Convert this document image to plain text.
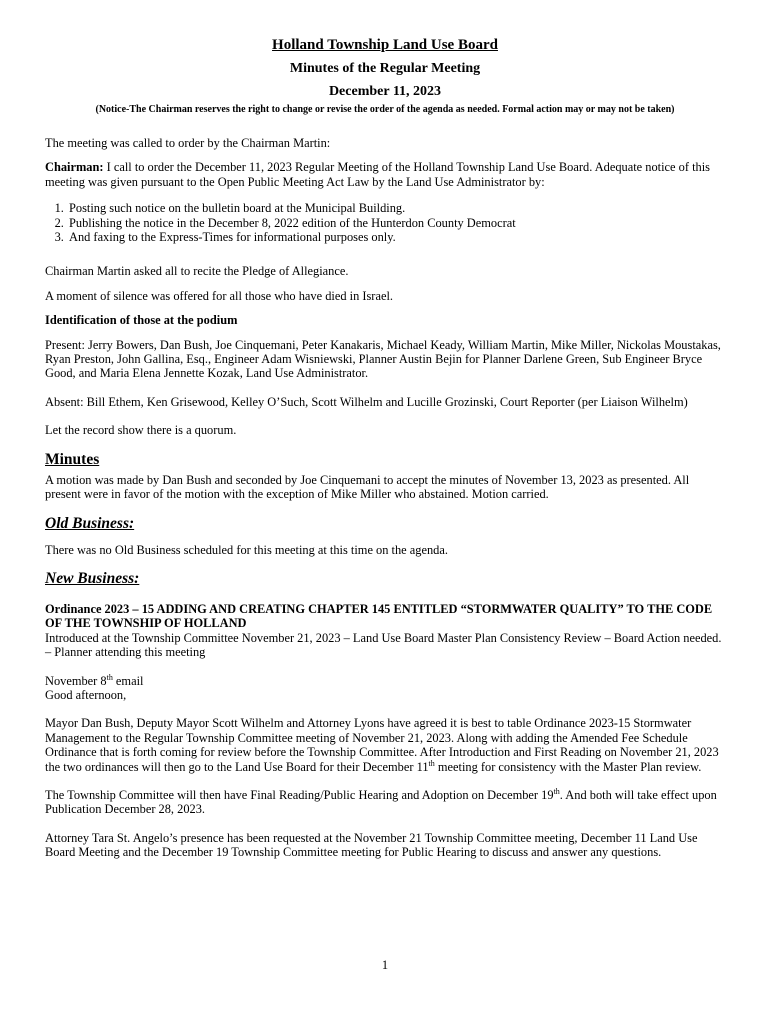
Holland Township Land Use Board
Minutes of the Regular Meeting
December 11, 2023
(Notice-The Chairman reserves the right to change or revise the order of the agenda as needed. Formal action may or may not be taken)

The meeting was called to order by the Chairman Martin:

Chairman: I call to order the December 11, 2023 Regular Meeting of the Holland Township Land Use Board. Adequate notice of this meeting was given pursuant to the Open Public Meeting Act Law by the Land Use Administrator by:

1. Posting such notice on the bulletin board at the Municipal Building.
2. Publishing the notice in the December 8, 2022 edition of the Hunterdon County Democrat
3. And faxing to the Express-Times for informational purposes only.

Chairman Martin asked all to recite the Pledge of Allegiance.

A moment of silence was offered for all those who have died in Israel.

Identification of those at the podium

Present: Jerry Bowers, Dan Bush, Joe Cinquemani, Peter Kanakaris, Michael Keady, William Martin, Mike Miller, Nickolas Moustakas, Ryan Preston, John Gallina, Esq., Engineer Adam Wisniewski, Planner Austin Bejin for Planner Darlene Green, Sub Engineer Bryce Good, and Maria Elena Jennette Kozak, Land Use Administrator.

Absent: Bill Ethem, Ken Grisewood, Kelley O’Such, Scott Wilhelm and Lucille Grozinski, Court Reporter (per Liaison Wilhelm)

Let the record show there is a quorum.

Minutes

A motion was made by Dan Bush and seconded by Joe Cinquemani to accept the minutes of November 13, 2023 as presented. All present were in favor of the motion with the exception of Mike Miller who abstained. Motion carried.

Old Business:

There was no Old Business scheduled for this meeting at this time on the agenda.

New Business:
Ordinance 2023 – 15 ADDING AND CREATING CHAPTER 145 ENTITLED “STORMWATER QUALITY” TO THE CODE OF THE TOWNSHIP OF HOLLAND

Introduced at the Township Committee November 21, 2023 – Land Use Board Master Plan Consistency Review – Board Action needed. – Planner attending this meeting

November 8th email

Good afternoon,

Mayor Dan Bush, Deputy Mayor Scott Wilhelm and Attorney Lyons have agreed it is best to table Ordinance 2023-15 Stormwater Management to the Regular Township Committee meeting of November 21, 2023. Along with adding the Amended Fee Schedule Ordinance that is forth coming for review before the Township Committee. After Introduction and First Reading on November 21, 2023 the two ordinances will then go to the Land Use Board for their December 11th meeting for consistency with the Master Plan review.

The Township Committee will then have Final Reading/Public Hearing and Adoption on December 19th. And both will take effect upon Publication December 28, 2023.

Attorney Tara St. Angelo’s presence has been requested at the November 21 Township Committee meeting, December 11 Land Use Board Meeting and the December 19 Township Committee meeting for Public Hearing to discuss and answer any questions.

1
